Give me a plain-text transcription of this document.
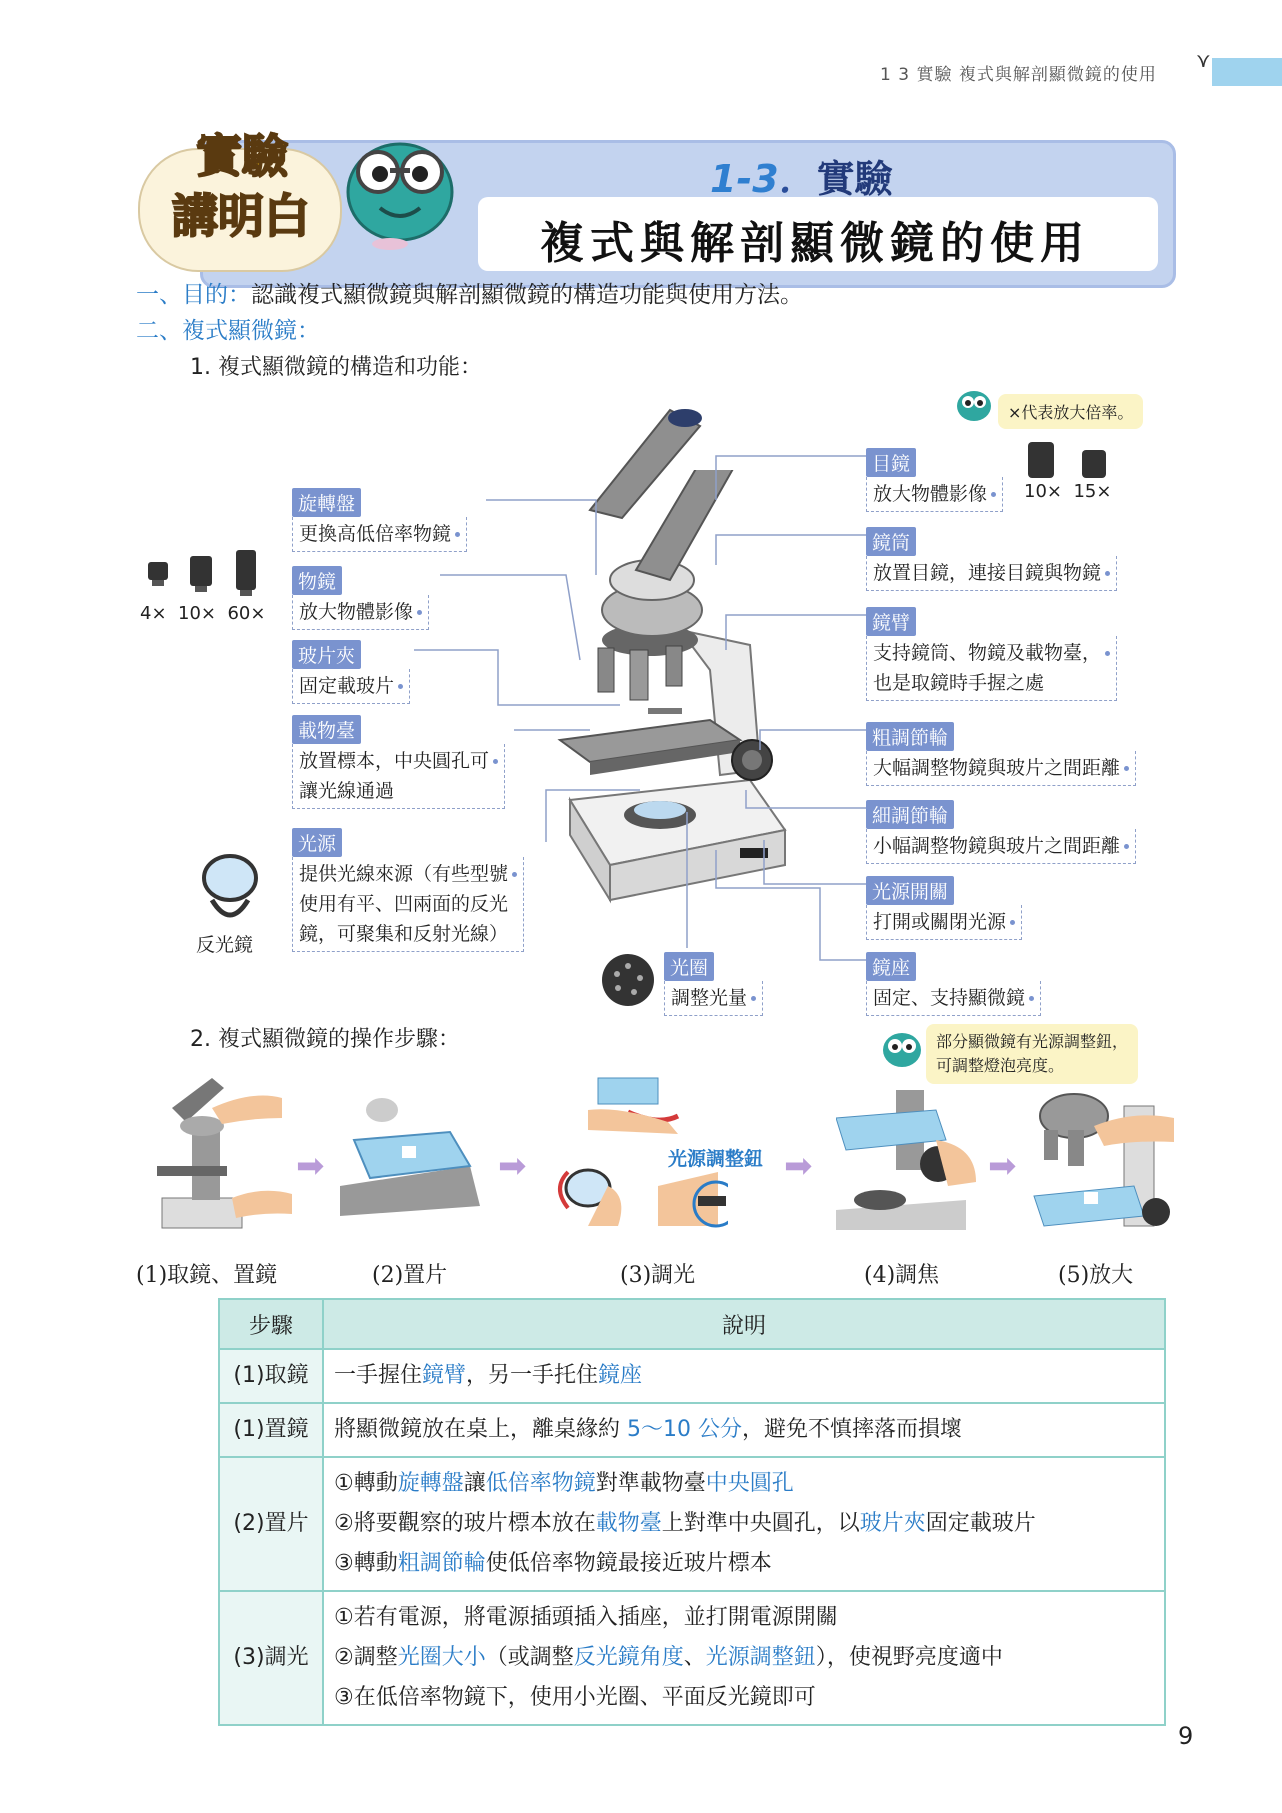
1 3 實驗 複式與解剖顯微鏡的使用
⋎
1-3．實驗
複式與解剖顯微鏡的使用
實驗
講明白
一、目的：認識複式顯微鏡與解剖顯微鏡的構造功能與使用方法。
二、複式顯微鏡：
1. 複式顯微鏡的構造和功能：
×代表放大倍率。
目鏡
放大物體影像
鏡筒
放置目鏡，連接目鏡與物鏡
鏡臂
支持鏡筒、物鏡及載物臺，
也是取鏡時手握之處
粗調節輪
大幅調整物鏡與玻片之間距離
細調節輪
小幅調整物鏡與玻片之間距離
光源開關
打開或關閉光源
鏡座
固定、支持顯微鏡
光圈
調整光量
旋轉盤
更換高低倍率物鏡
物鏡
放大物體影像
玻片夾
固定載玻片
載物臺
放置標本，中央圓孔可
讓光線通過
光源
提供光線來源（有些型號
使用有平、凹兩面的反光
鏡，可聚集和反射光線）
4× 10× 60×
10× 15×
反光鏡
2. 複式顯微鏡的操作步驟：	部分顯微鏡有光源調整鈕，
可調整燈泡亮度。
光源調整鈕
➡	➡	➡	➡
(1)取鏡、置鏡	(2)置片	(3)調光	(4)調焦	(5)放大
步驟	說明
(1)取鏡	一手握住鏡臂，另一手托住鏡座

(1)置鏡	將顯微鏡放在桌上，離桌緣約 5～10 公分，避免不慎摔落而損壞

(2)置片	①轉動旋轉盤讓低倍率物鏡對準載物臺中央圓孔
②將要觀察的玻片標本放在載物臺上對準中央圓孔，以玻片夾固定載玻片
③轉動粗調節輪使低倍率物鏡最接近玻片標本

(3)調光	①若有電源，將電源插頭插入插座，並打開電源開關
②調整光圈大小（或調整反光鏡角度、光源調整鈕），使視野亮度適中
③在低倍率物鏡下，使用小光圈、平面反光鏡即可
9
